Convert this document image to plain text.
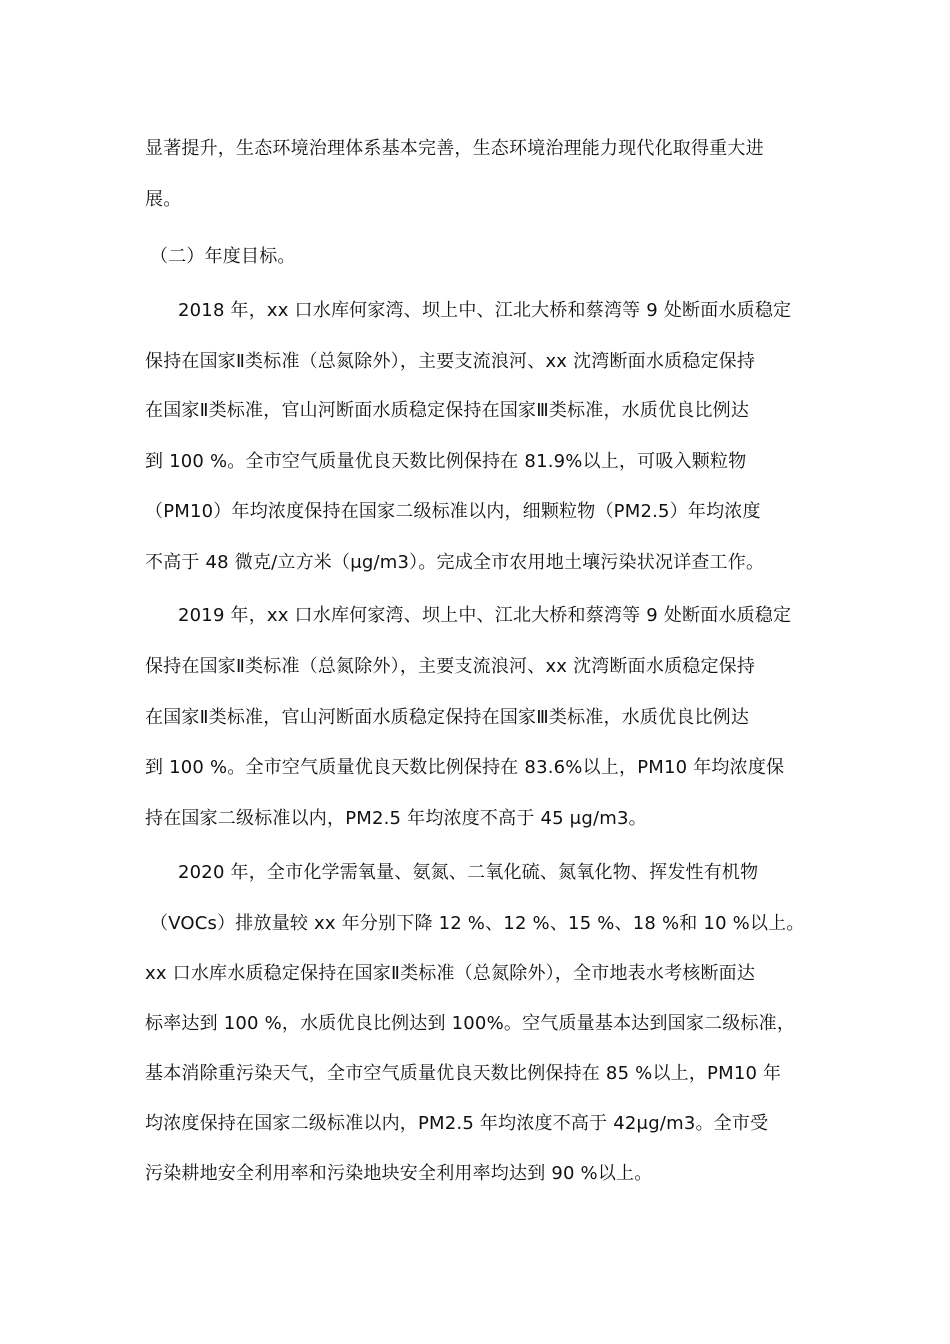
显著提升，生态环境治理体系基本完善，生态环境治理能力现代化取得重大进
展。
（二）年度目标。
2018 年，xx 口水库何家湾、坝上中、江北大桥和蔡湾等 9 处断面水质稳定
保持在国家Ⅱ类标准（总氮除外），主要支流浪河、xx 沈湾断面水质稳定保持
在国家Ⅱ类标准，官山河断面水质稳定保持在国家Ⅲ类标准，水质优良比例达
到 100 %。全市空气质量优良天数比例保持在 81.9%以上，可吸入颗粒物
（PM10）年均浓度保持在国家二级标准以内，细颗粒物（PM2.5）年均浓度
不高于 48 微克/立方米（μg/m3）。完成全市农用地土壤污染状况详查工作。
2019 年，xx 口水库何家湾、坝上中、江北大桥和蔡湾等 9 处断面水质稳定
保持在国家Ⅱ类标准（总氮除外），主要支流浪河、xx 沈湾断面水质稳定保持
在国家Ⅱ类标准，官山河断面水质稳定保持在国家Ⅲ类标准，水质优良比例达
到 100 %。全市空气质量优良天数比例保持在 83.6%以上，PM10 年均浓度保
持在国家二级标准以内，PM2.5 年均浓度不高于 45 μg/m3。
2020 年，全市化学需氧量、氨氮、二氧化硫、氮氧化物、挥发性有机物
（VOCs）排放量较 xx 年分别下降 12 %、12 %、15 %、18 %和 10 %以上。
xx 口水库水质稳定保持在国家Ⅱ类标准（总氮除外），全市地表水考核断面达
标率达到 100 %，水质优良比例达到 100%。空气质量基本达到国家二级标准，
基本消除重污染天气，全市空气质量优良天数比例保持在 85 %以上，PM10 年
均浓度保持在国家二级标准以内，PM2.5 年均浓度不高于 42μg/m3。全市受
污染耕地安全利用率和污染地块安全利用率均达到 90 %以上。
